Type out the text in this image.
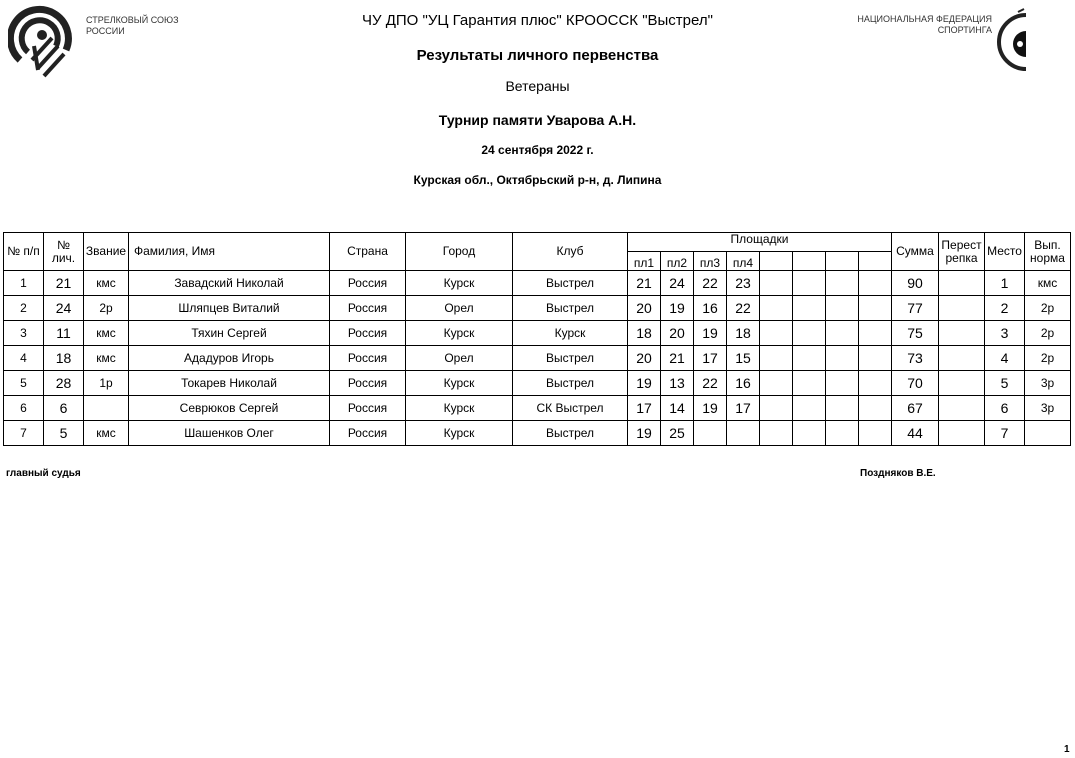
СТРЕЛКОВЫЙ СОЮЗ
РОССИИ
НАЦИОНАЛЬНАЯ ФЕДЕРАЦИЯ
СПОРТИНГА
ЧУ ДПО "УЦ Гарантия плюс" КРООССК "Выстрел"
Результаты личного первенства
Ветераны
Турнир памяти Уварова А.Н.
24 сентября 2022 г.
Курская обл., Октябрьский р-н, д. Липина
№ п/п	№ лич.	Звание	Фамилия, Имя	Страна	Город	Клуб	Площадки								Сумма	Перест репка	Место	Вып. норма
							пл1	пл2	пл3	пл4								
1	21	кмс	Завадский Николай	Россия	Курск	Выстрел	21	24	22	23					90		1	кмс
2	24	2р	Шляпцев Виталий	Россия	Орел	Выстрел	20	19	16	22					77		2	2р
3	11	кмс	Тяхин Сергей	Россия	Курск	Курск	18	20	19	18					75		3	2р
4	18	кмс	Ададуров Игорь	Россия	Орел	Выстрел	20	21	17	15					73		4	2р
5	28	1р	Токарев Николай	Россия	Курск	Выстрел	19	13	22	16					70		5	3р
6	6		Севрюков Сергей	Россия	Курск	СК Выстрел	17	14	19	17					67		6	3р
7	5	кмс	Шашенков Олег	Россия	Курск	Выстрел	19	25							44		7	
главный судья	Поздняков В.Е.
1
